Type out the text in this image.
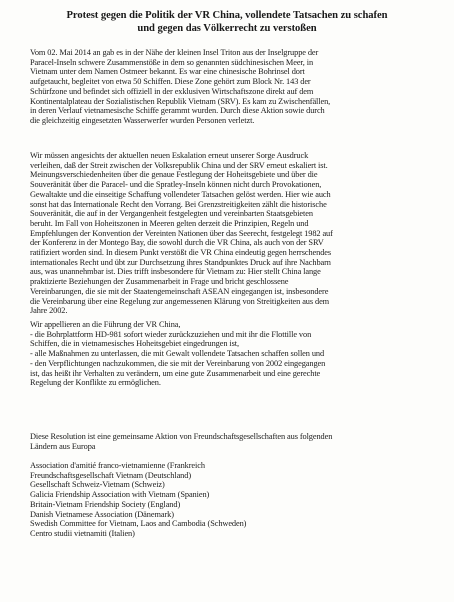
Protest gegen die Politik der VR China, vollendete Tatsachen zu schafen
und gegen das Völkerrecht zu verstoßen
Vom 02. Mai 2014 an gab es in der Nähe der kleinen Insel Triton aus der Inselgruppe der
Paracel-Inseln schwere Zusammenstöße in dem so genannten südchinesischen Meer, in
Vietnam unter dem Namen Ostmeer bekannt. Es war eine chinesische Bohrinsel dort
aufgetaucht, begleitet von etwa 50 Schiffen. Diese Zone gehört zum Block Nr. 143 der
Schürfzone und befindet sich offiziell in der exklusiven Wirtschaftszone direkt auf dem
Kontinentalplateau der Sozialistischen Republik Vietnam (SRV). Es kam zu Zwischenfällen,
in deren Verlauf vietnamesische Schiffe gerammt wurden. Durch diese Aktion sowie durch
die gleichzeitig eingesetzten Wasserwerfer wurden Personen verletzt.
Wir müssen angesichts der aktuellen neuen Eskalation erneut unserer Sorge Ausdruck
verleihen, daß der Streit zwischen der Volksrepublik China und der SRV erneut eskaliert ist.
Meinungsverschiedenheiten über die genaue Festlegung der Hoheitsgebiete und über die
Souveränität über die Paracel- und die Spratley-Inseln können nicht durch Provokationen,
Gewaltakte und die einseitige Schaffung vollendeter Tatsachen gelöst werden. Hier wie auch
sonst hat das Internationale Recht den Vorrang. Bei Grenzstreitigkeiten zählt die historische
Souveränität, die auf in der Vergangenheit festgelegten und vereinbarten Staatsgebieten
beruht. Im Fall von Hoheitszonen in Meeren gelten derzeit die Prinzipien, Regeln und
Empfehlungen der Konvention der Vereinten Nationen über das Seerecht, festgelegt 1982 auf
der Konferenz in der Montego Bay, die sowohl durch die VR China, als auch von der SRV
ratifiziert worden sind. In diesem Punkt verstößt die VR China eindeutig gegen herrschendes
internationales Recht und übt zur Durchsetzung ihres Standpunktes Druck auf ihre Nachbarn
aus, was unannehmbar ist. Dies trifft insbesondere für Vietnam zu: Hier stellt China lange
praktizierte Beziehungen der Zusammenarbeit in Frage und bricht geschlossene
Vereinbarungen, die sie mit der Staatengemeinschaft ASEAN eingegangen ist, insbesondere
die Vereinbarung über eine Regelung zur angemessenen Klärung von Streitigkeiten aus dem
Jahre 2002.
Wir appellieren an die Führung der VR China,
- die Bohrplattform HD-981 sofort wieder zurückzuziehen und mit ihr die Flottille von
Schiffen, die in vietnamesisches Hoheitsgebiet eingedrungen ist,
- alle Maßnahmen zu unterlassen, die mit Gewalt vollendete Tatsachen schaffen sollen und
- den Verpflichtungen nachzukommen, die sie mit der Vereinbarung von 2002 eingegangen
ist, das heißt ihr Verhalten zu verändern, um eine gute Zusammenarbeit und eine gerechte
Regelung der Konflikte zu ermöglichen.
Diese Resolution ist eine gemeinsame Aktion von Freundschaftsgesellschaften aus folgenden
Ländern aus Europa
Association d'amitié franco-vietnamienne (Frankreich
Freundschaftsgesellschaft Vietnam (Deutschland)
Gesellschaft Schweiz-Vietnam (Schweiz)
Galicia Friendship Association with Vietnam (Spanien)
Britain-Vietnam Friendship Society (England)
Danish Vietnamese Association (Dänemark)
Swedish Committee for Vietnam, Laos and Cambodia (Schweden)
Centro studii vietnamiti (Italien)
